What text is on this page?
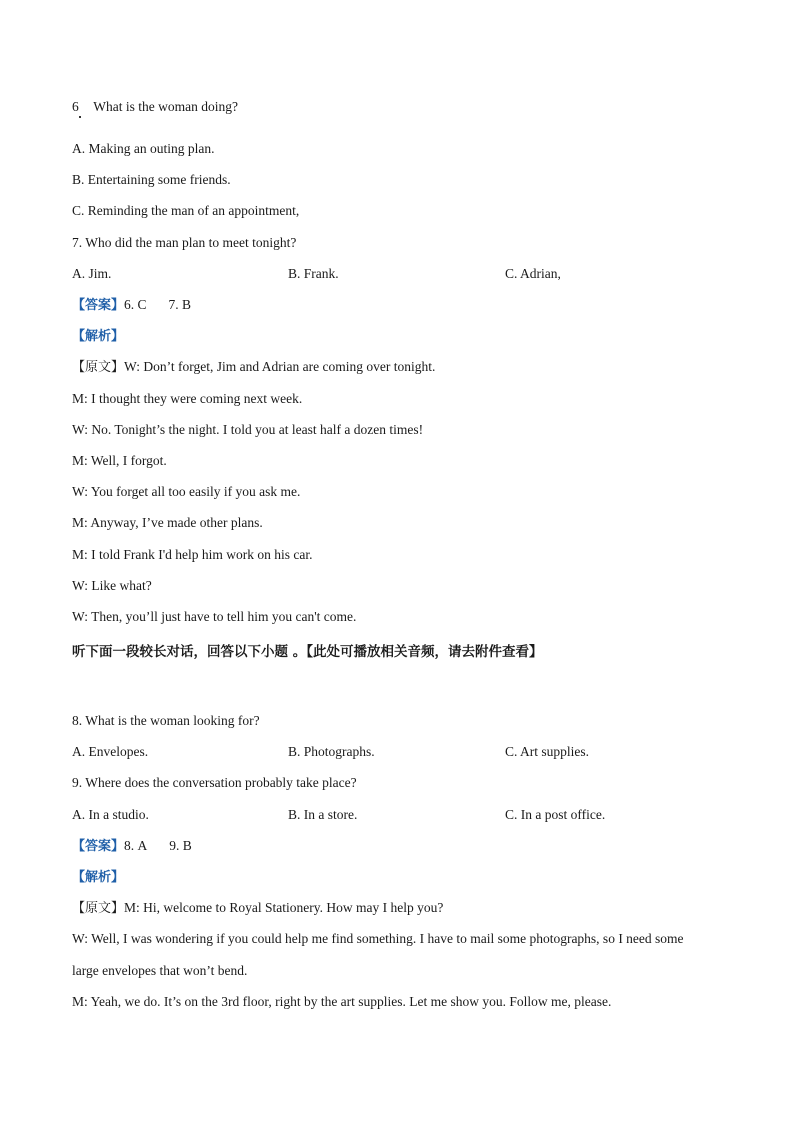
6 What is the woman doing?
A. Making an outing plan.
B. Entertaining some friends.
C. Reminding the man of an appointment,
7. Who did the man plan to meet tonight?
A. Jim.	B. Frank.	C. Adrian,
【答案】6. C 7. B
【解析】
【原文】W: Don’t forget, Jim and Adrian are coming over tonight.
M: I thought they were coming next week.
W: No. Tonight’s the night. I told you at least half a dozen times!
M: Well, I forgot.
W: You forget all too easily if you ask me.
M: Anyway, I’ve made other plans.
M: I told Frank I'd help him work on his car.
W: Like what?
W: Then, you’ll just have to tell him you can't come.
听下面一段较长对话，回答以下小题 。【此处可播放相关音频，请去附件查看】
8. What is the woman looking for?
A. Envelopes.	B. Photographs.	C. Art supplies.
9. Where does the conversation probably take place?
A. In a studio.	B. In a store.	C. In a post office.
【答案】8. A 9. B
【解析】
【原文】M: Hi, welcome to Royal Stationery. How may I help you?
W: Well, I was wondering if you could help me find something. I have to mail some photographs, so I need some
large envelopes that won’t bend.
M: Yeah, we do. It’s on the 3rd floor, right by the art supplies. Let me show you. Follow me, please.
